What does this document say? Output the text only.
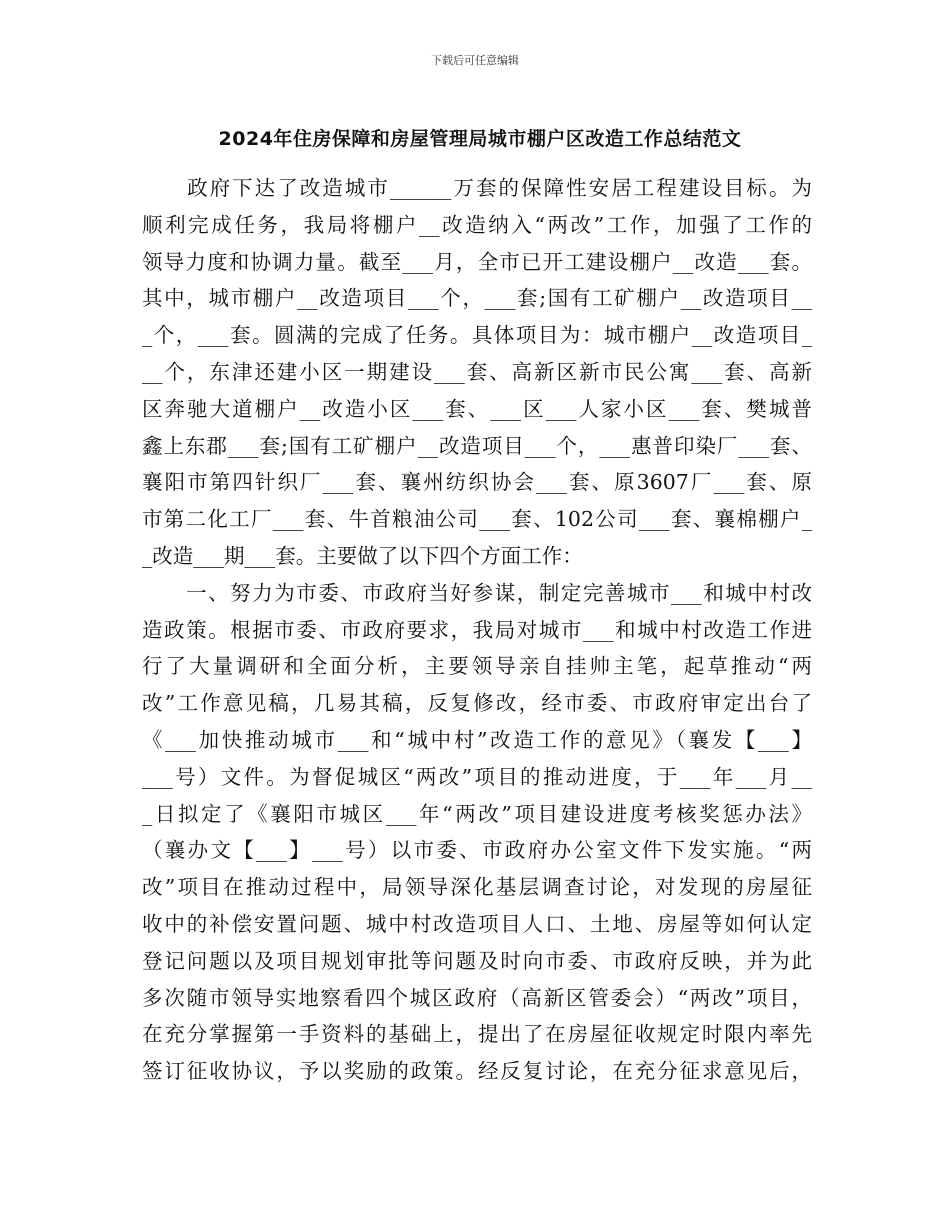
下载后可任意编辑
2024年住房保障和房屋管理局城市棚户区改造工作总结范文
　　政府下达了改造城市______万套的保障性安居工程建设目标。为
顺利完成任务，我局将棚户__改造纳入“两改”工作，加强了工作的
领导力度和协调力量。截至___月，全市已开工建设棚户__改造___套。
其中，城市棚户__改造项目___个，___套;国有工矿棚户__改造项目__
_个，___套。圆满的完成了任务。具体项目为：城市棚户__改造项目_
__个，东津还建小区一期建设___套、高新区新市民公寓___套、高新
区奔驰大道棚户__改造小区___套、___区___人家小区___套、樊城普
鑫上东郡___套;国有工矿棚户__改造项目___个，___惠普印染厂___套、
襄阳市第四针织厂___套、襄州纺织协会___套、原3607厂___套、原
市第二化工厂___套、牛首粮油公司___套、102公司___套、襄棉棚户_
_改造___期___套。主要做了以下四个方面工作：
　　一、努力为市委、市政府当好参谋，制定完善城市___和城中村改
造政策。根据市委、市政府要求，我局对城市___和城中村改造工作进
行了大量调研和全面分析，主要领导亲自挂帅主笔，起草推动“两
改”工作意见稿，几易其稿，反复修改，经市委、市政府审定出台了
《___加快推动城市___和“城中村”改造工作的意见》（襄发【___】
___号）文件。为督促城区“两改”项目的推动进度，于___年___月__
_日拟定了《襄阳市城区___年“两改”项目建设进度考核奖惩办法》
（襄办文【___】___号）以市委、市政府办公室文件下发实施。“两
改”项目在推动过程中，局领导深化基层调查讨论，对发现的房屋征
收中的补偿安置问题、城中村改造项目人口、土地、房屋等如何认定
登记问题以及项目规划审批等问题及时向市委、市政府反映，并为此
多次随市领导实地察看四个城区政府（高新区管委会）“两改”项目，
在充分掌握第一手资料的基础上，提出了在房屋征收规定时限内率先
签订征收协议，予以奖励的政策。经反复讨论，在充分征求意见后，
